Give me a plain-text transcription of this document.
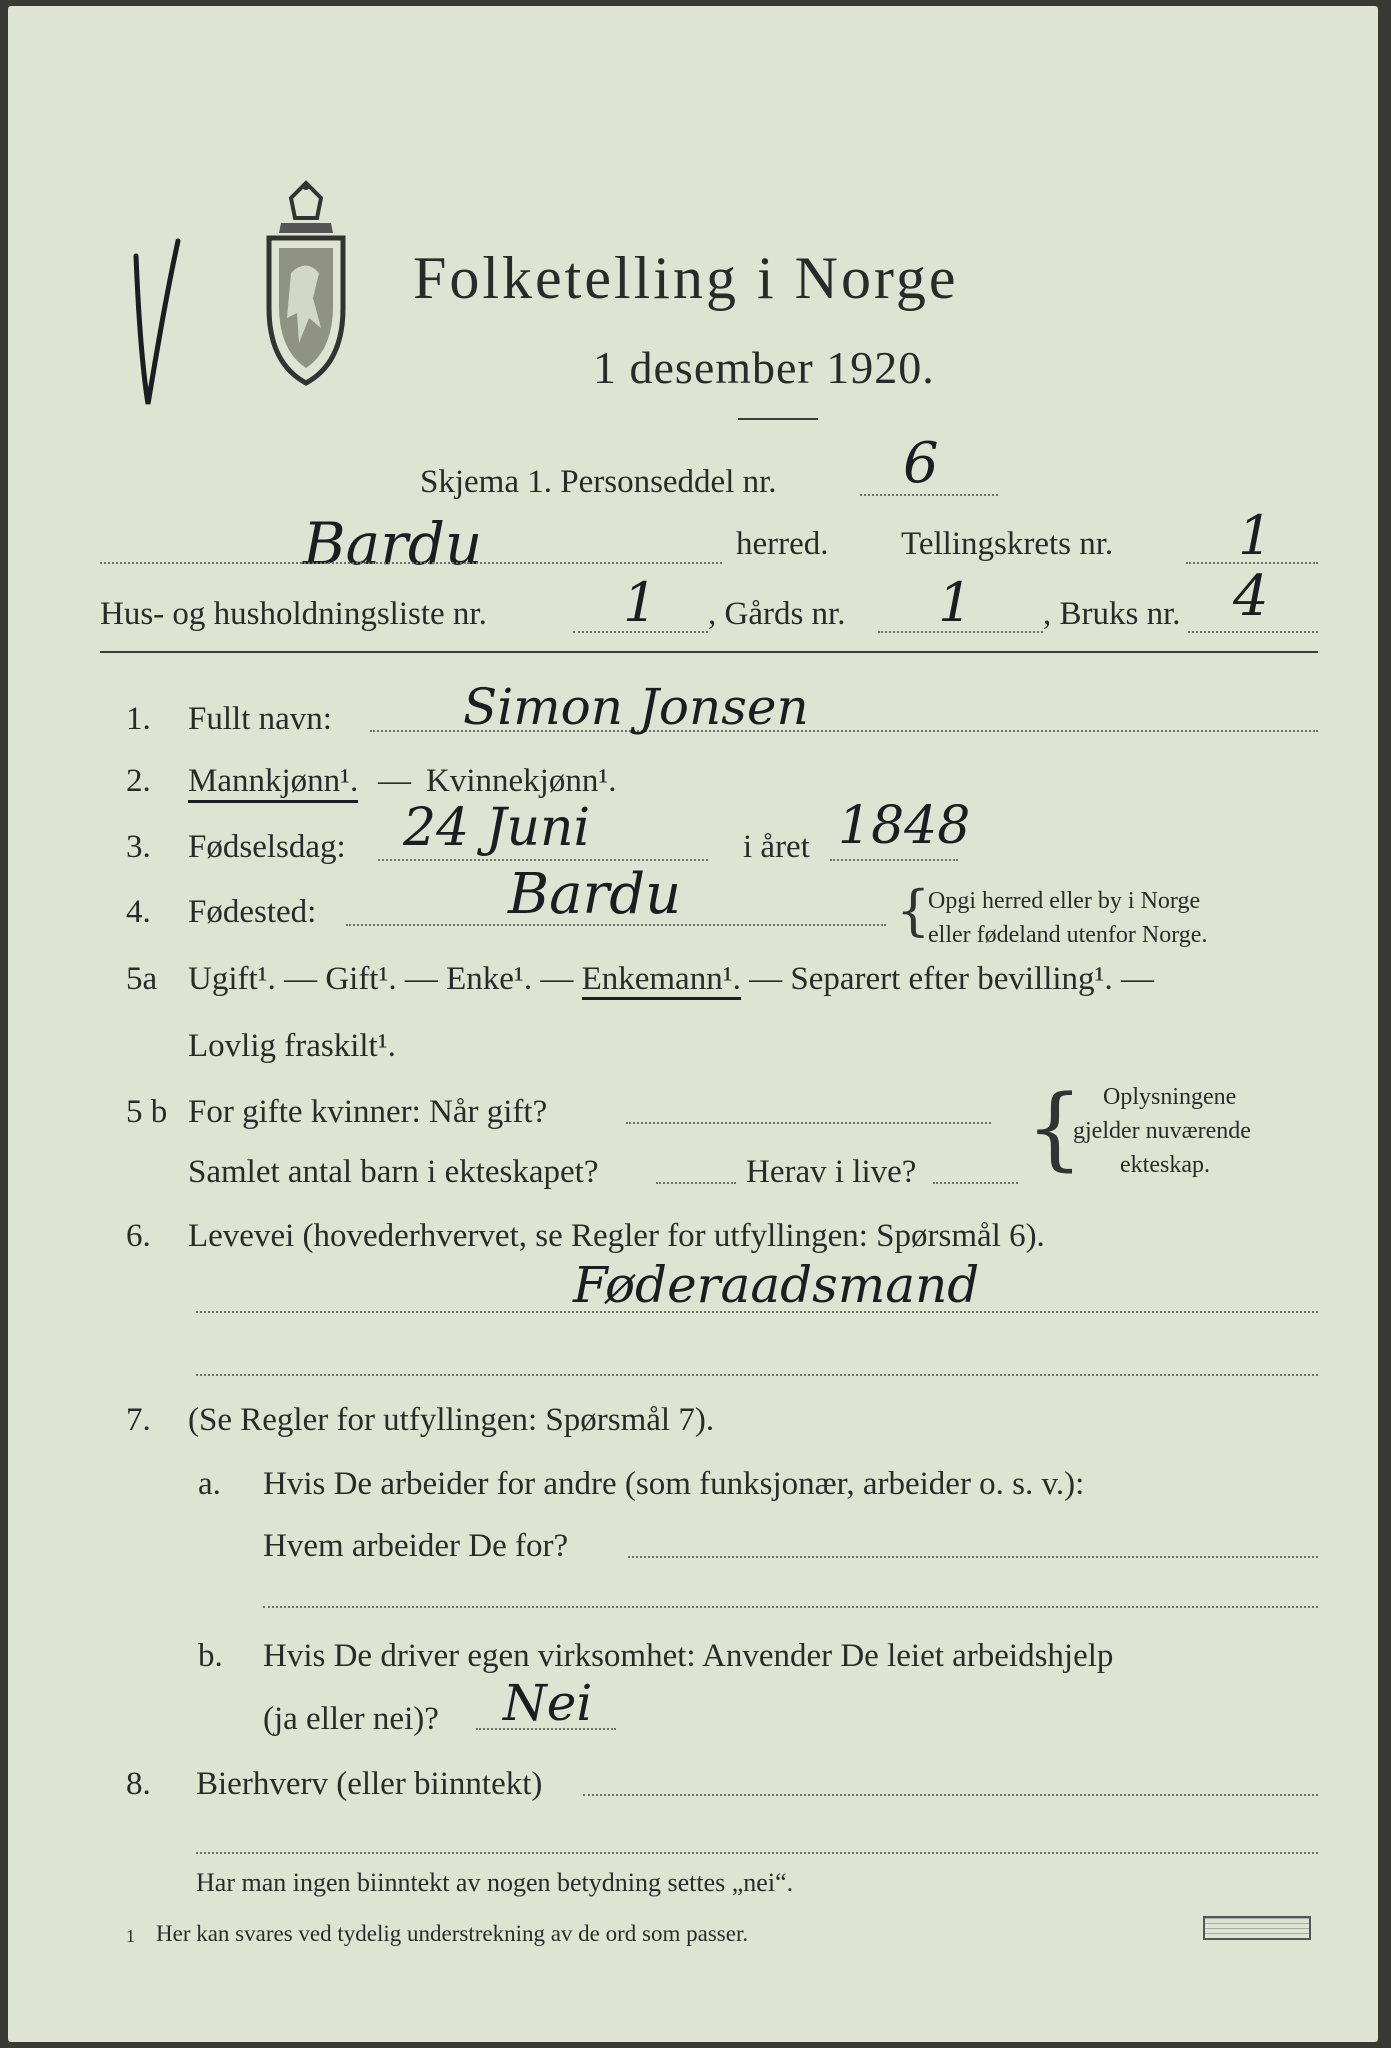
Folketelling i Norge
1 desember 1920.
Skjema 1. Personseddel nr. 6
Bardu	herred. Tellingskrets nr. 1
Hus- og husholdningsliste nr.	1 , Gårds nr. 1 , Bruks nr. 4
1. Fullt navn:	Simon Jonsen
2. Mannkjønn¹. — Kvinnekjønn¹.
3. Fødselsdag: 24 Juni	i året 1848
4. Fødested:	Bardu	{
Opgi herred eller by i Norge
eller fødeland utenfor Norge.
5a Ugift¹. — Gift¹. — Enke¹. — Enkemann¹. — Separert efter bevilling¹. —
Lovlig fraskilt¹.
5 b For gifte kvinner: Når gift?
Samlet antal barn i ekteskapet?	Herav i live? { Oplysningene
gjelder nuværende
ekteskap.
6. Levevei (hovederhvervet, se Regler for utfyllingen: Spørsmål 6).
Føderaadsmand
7. (Se Regler for utfyllingen: Spørsmål 7).
a. Hvis De arbeider for andre (som funksjonær, arbeider o. s. v.):
Hvem arbeider De for?
b. Hvis De driver egen virksomhet: Anvender De leiet arbeidshjelp
(ja eller nei)? Nei
8. Bierhverv (eller biinntekt)
Har man ingen biinntekt av nogen betydning settes „nei“.
1 Her kan svares ved tydelig understrekning av de ord som passer.
